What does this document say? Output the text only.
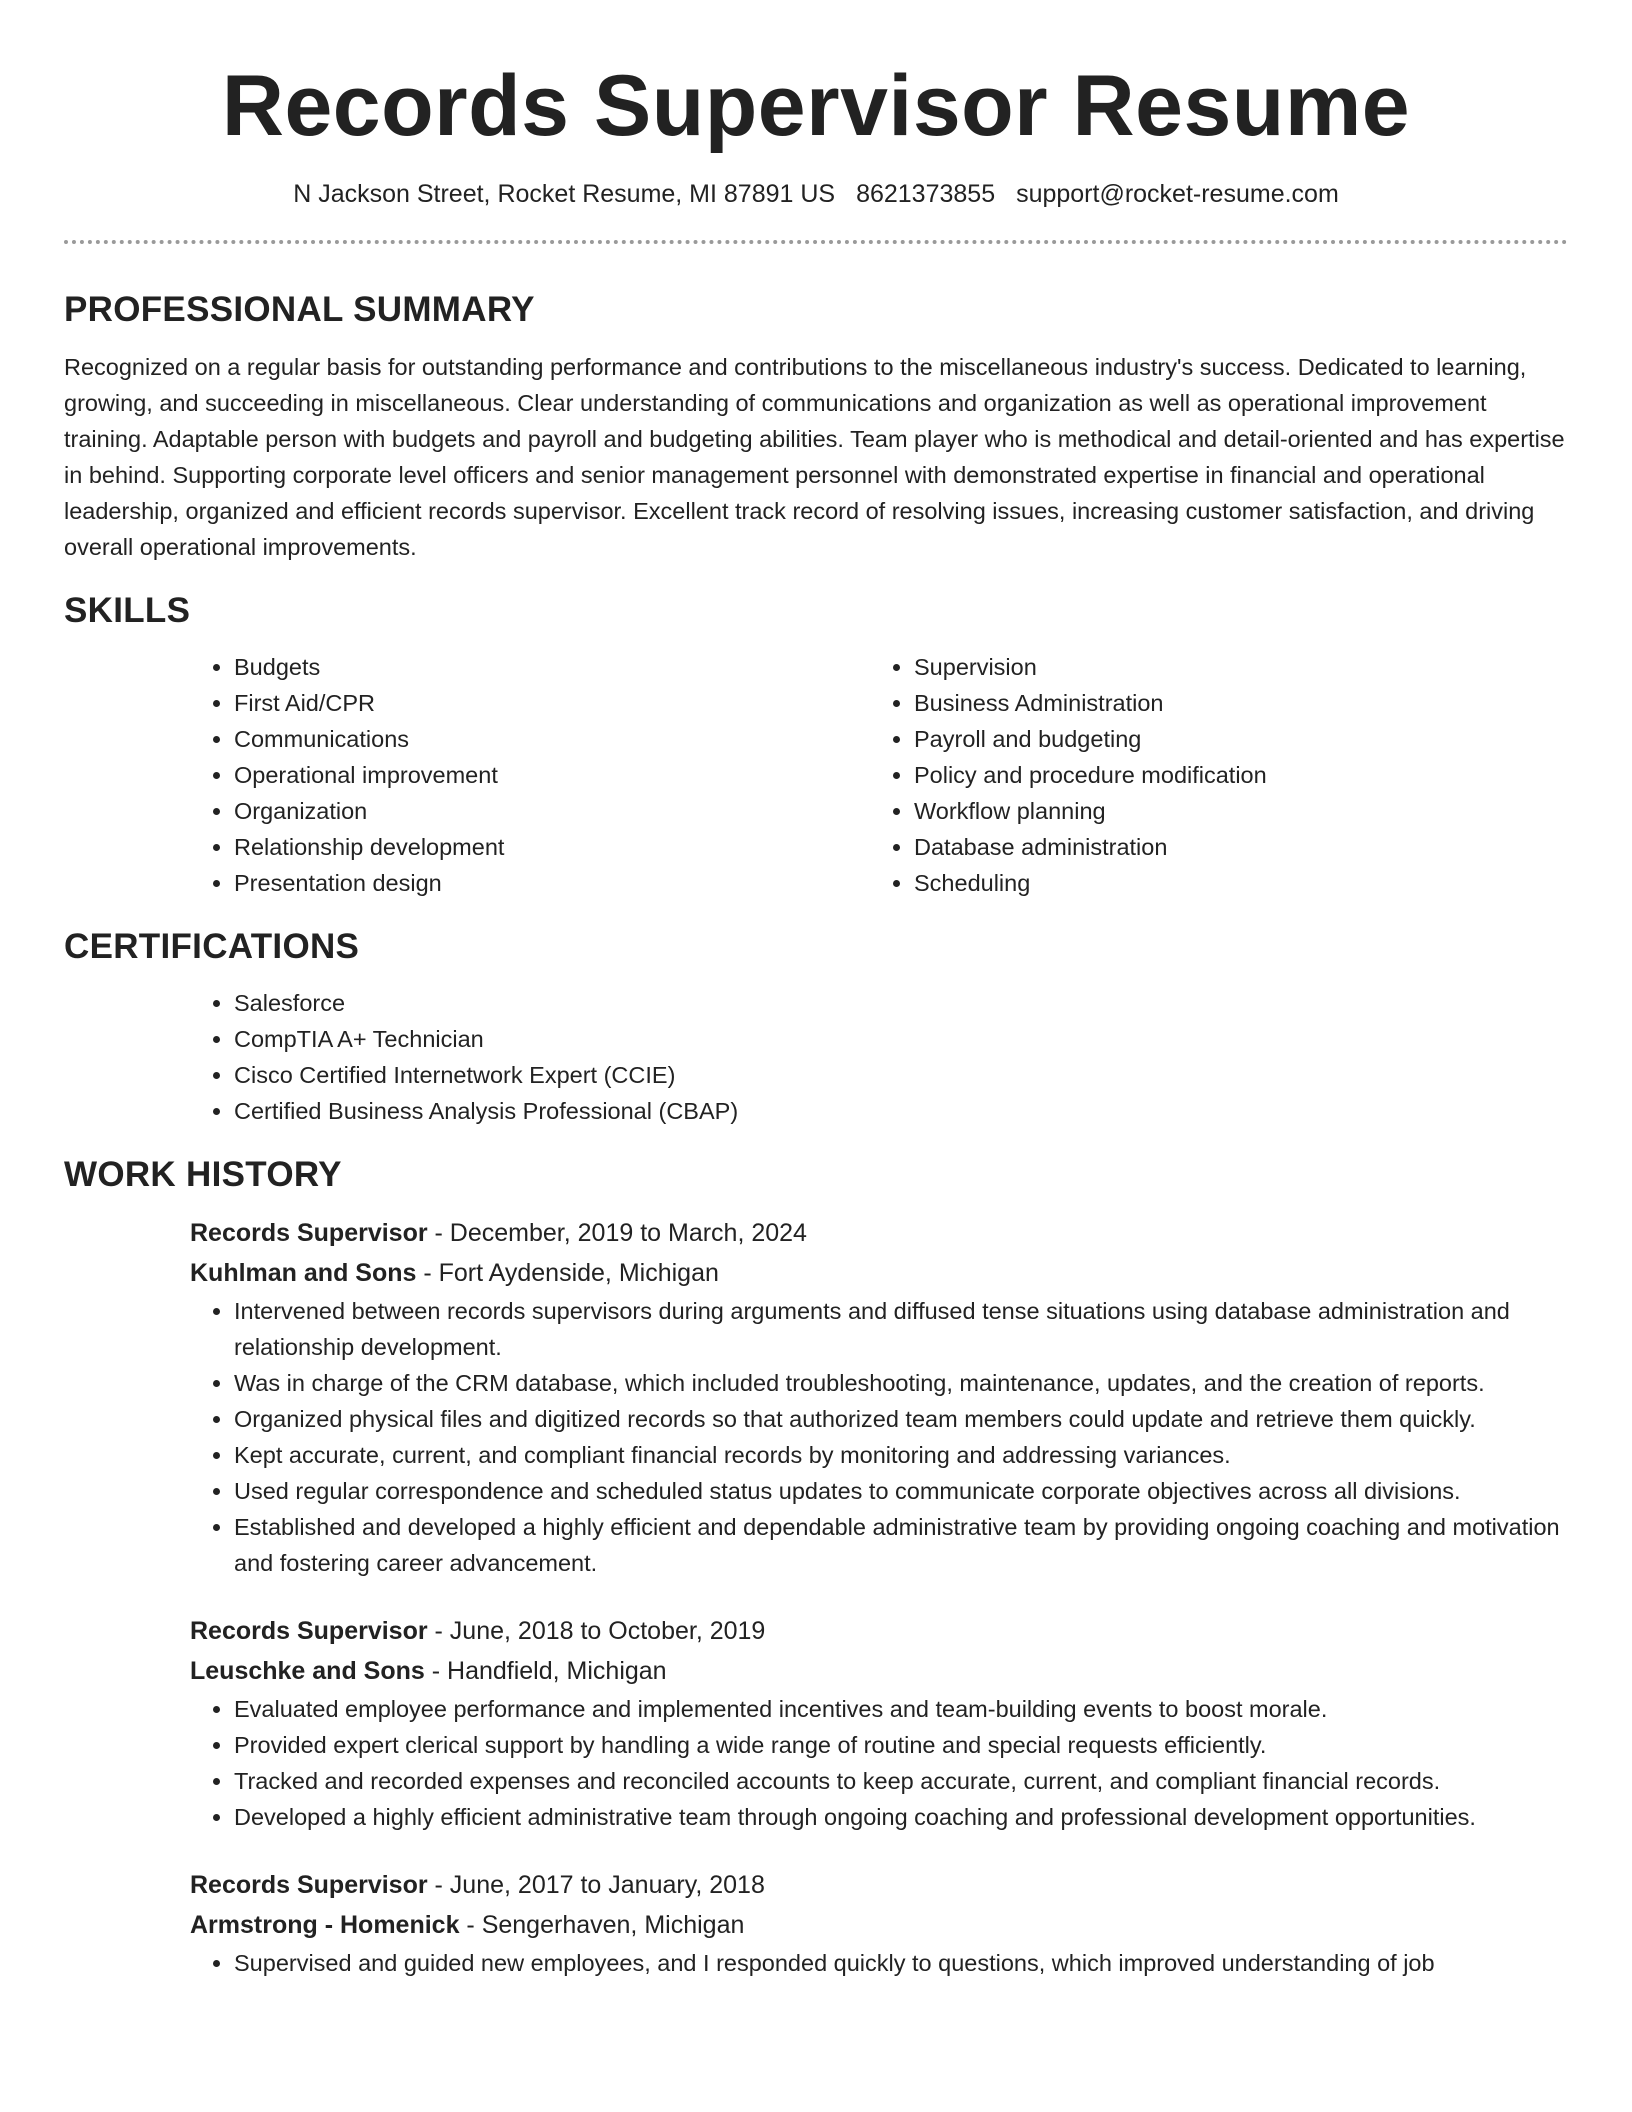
Records Supervisor Resume
N Jackson Street, Rocket Resume, MI 87891 US 8621373855 support@rocket-resume.com
PROFESSIONAL SUMMARY

Recognized on a regular basis for outstanding performance and contributions to the miscellaneous industry's success. Dedicated to learning, growing, and succeeding in miscellaneous. Clear understanding of communications and organization as well as operational improvement training. Adaptable person with budgets and payroll and budgeting abilities. Team player who is methodical and detail-oriented and has expertise in behind. Supporting corporate level officers and senior management personnel with demonstrated expertise in financial and operational leadership, organized and efficient records supervisor. Excellent track record of resolving issues, increasing customer satisfaction, and driving overall operational improvements.

SKILLS
• Budgets
• First Aid/CPR
• Communications
• Operational improvement
• Organization
• Relationship development
• Presentation design
• Supervision
• Business Administration
• Payroll and budgeting
• Policy and procedure modification
• Workflow planning
• Database administration
• Scheduling
CERTIFICATIONS
• Salesforce
• CompTIA A+ Technician
• Cisco Certified Internetwork Expert (CCIE)
• Certified Business Analysis Professional (CBAP)
WORK HISTORY
Records Supervisor - December, 2019 to March, 2024
Kuhlman and Sons - Fort Aydenside, Michigan
• Intervened between records supervisors during arguments and diffused tense situations using database administration and relationship development.
• Was in charge of the CRM database, which included troubleshooting, maintenance, updates, and the creation of reports.
• Organized physical files and digitized records so that authorized team members could update and retrieve them quickly.
• Kept accurate, current, and compliant financial records by monitoring and addressing variances.
• Used regular correspondence and scheduled status updates to communicate corporate objectives across all divisions.
• Established and developed a highly efficient and dependable administrative team by providing ongoing coaching and motivation and fostering career advancement.
Records Supervisor - June, 2018 to October, 2019
Leuschke and Sons - Handfield, Michigan
• Evaluated employee performance and implemented incentives and team-building events to boost morale.
• Provided expert clerical support by handling a wide range of routine and special requests efficiently.
• Tracked and recorded expenses and reconciled accounts to keep accurate, current, and compliant financial records.
• Developed a highly efficient administrative team through ongoing coaching and professional development opportunities.
Records Supervisor - June, 2017 to January, 2018
Armstrong - Homenick - Sengerhaven, Michigan
• Supervised and guided new employees, and I responded quickly to questions, which improved understanding of job
